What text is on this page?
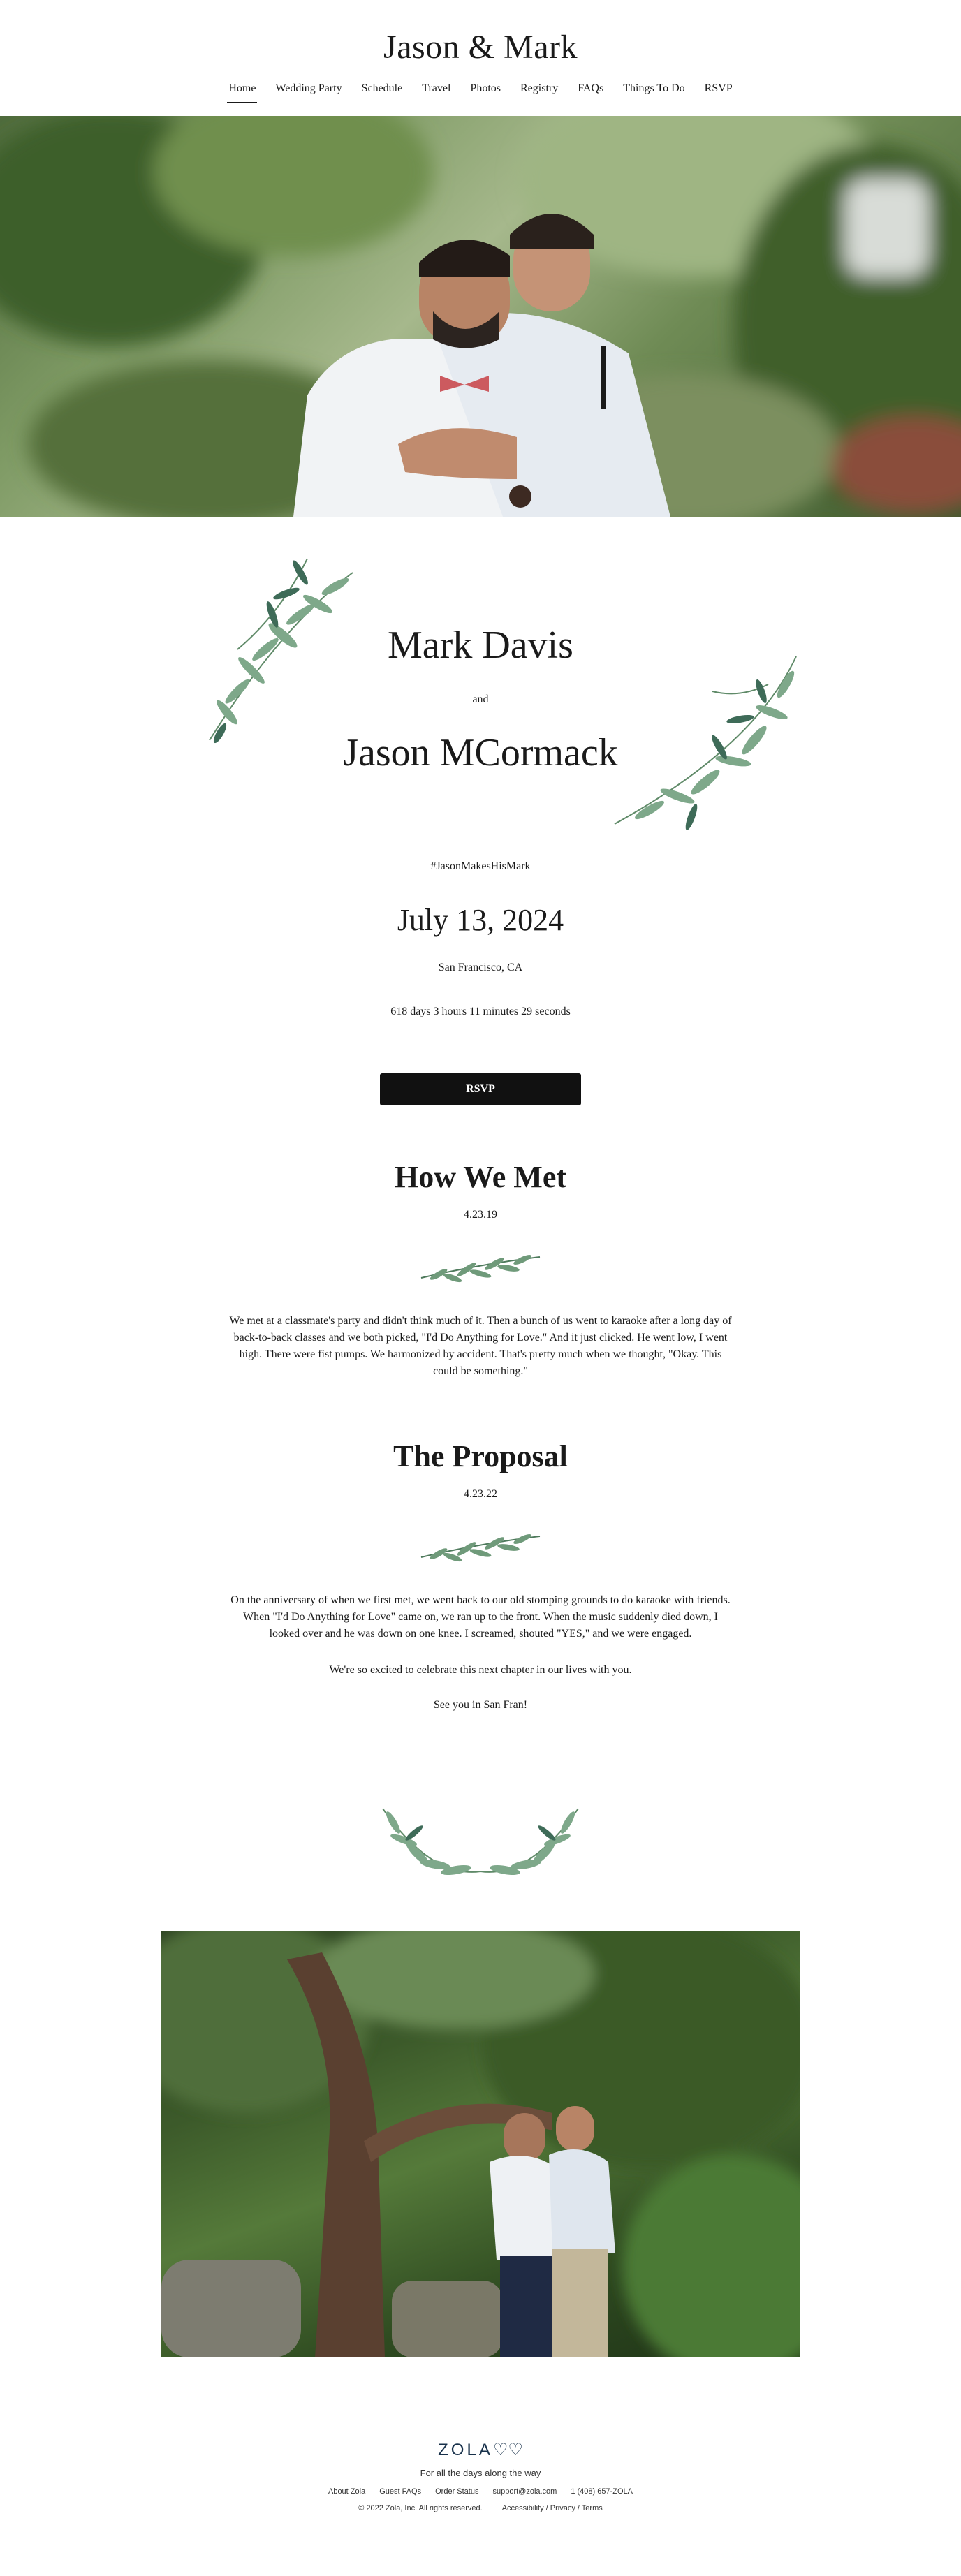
Jason & Mark
Home Wedding Party Schedule Travel Photos Registry FAQs Things To Do RSVP
Mark Davis
and
Jason MCormack
#JasonMakesHisMark
July 13, 2024
San Francisco, CA
618 days 3 hours 11 minutes 29 seconds
RSVP
How We Met
4.23.19

We met at a classmate's party and didn't think much of it. Then a bunch of us went to karaoke after a long day of back-to-back classes and we both picked, "I'd Do Anything for Love." And it just clicked. He went low, I went high. There were fist pumps. We harmonized by accident. That's pretty much when we thought, "Okay. This could be something."

The Proposal
4.23.22

On the anniversary of when we first met, we went back to our old stomping grounds to do karaoke with friends. When "I'd Do Anything for Love" came on, we ran up to the front. When the music suddenly died down, I looked over and he was down on one knee. I screamed, shouted "YES," and we were engaged.

We're so excited to celebrate this next chapter in our lives with you.

See you in San Fran!

ZOLA♡♡
For all the days along the way
About Zola Guest FAQs Order Status support@zola.com 1 (408) 657-ZOLA
© 2022 Zola, Inc. All rights reserved.	Accessibility / Privacy / Terms
